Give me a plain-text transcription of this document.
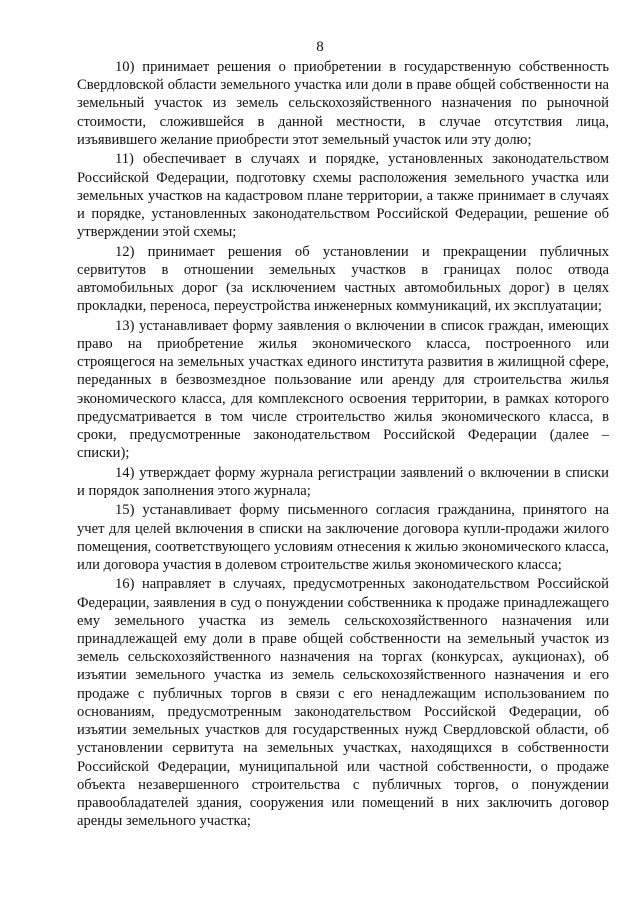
8

10) принимает решения о приобретении в государственную собственность Свердловской области земельного участка или доли в праве общей собственности на земельный участок из земель сельскохозяйственного назначения по рыночной стоимости, сложившейся в данной местности, в случае отсутствия лица, изъявившего желание приобрести этот земельный участок или эту долю;

11) обеспечивает в случаях и порядке, установленных законодательством Российской Федерации, подготовку схемы расположения земельного участка или земельных участков на кадастровом плане территории, а также принимает в случаях и порядке, установленных законодательством Российской Федерации, решение об утверждении этой схемы;

12) принимает решения об установлении и прекращении публичных сервитутов в отношении земельных участков в границах полос отвода автомобильных дорог (за исключением частных автомобильных дорог) в целях прокладки, переноса, переустройства инженерных коммуникаций, их эксплуатации;

13) устанавливает форму заявления о включении в список граждан, имеющих право на приобретение жилья экономического класса, построенного или строящегося на земельных участках единого института развития в жилищной сфере, переданных в безвозмездное пользование или аренду для строительства жилья экономического класса, для комплексного освоения территории, в рамках которого предусматривается в том числе строительство жилья экономического класса, в сроки, предусмотренные законодательством Российской Федерации (далее – списки);

14) утверждает форму журнала регистрации заявлений о включении в списки и порядок заполнения этого журнала;

15) устанавливает форму письменного согласия гражданина, принятого на учет для целей включения в списки на заключение договора купли-продажи жилого помещения, соответствующего условиям отнесения к жилью экономического класса, или договора участия в долевом строительстве жилья экономического класса;

16) направляет в случаях, предусмотренных законодательством Российской Федерации, заявления в суд о понуждении собственника к продаже принадлежащего ему земельного участка из земель сельскохозяйственного назначения или принадлежащей ему доли в праве общей собственности на земельный участок из земель сельскохозяйственного назначения на торгах (конкурсах, аукционах), об изъятии земельного участка из земель сельскохозяйственного назначения и его продаже с публичных торгов в связи с его ненадлежащим использованием по основаниям, предусмотренным законодательством Российской Федерации, об изъятии земельных участков для государственных нужд Свердловской области, об установлении сервитута на земельных участках, находящихся в собственности Российской Федерации, муниципальной или частной собственности, о продаже объекта незавершенного строительства с публичных торгов, о понуждении правообладателей здания, сооружения или помещений в них заключить договор аренды земельного участка;
